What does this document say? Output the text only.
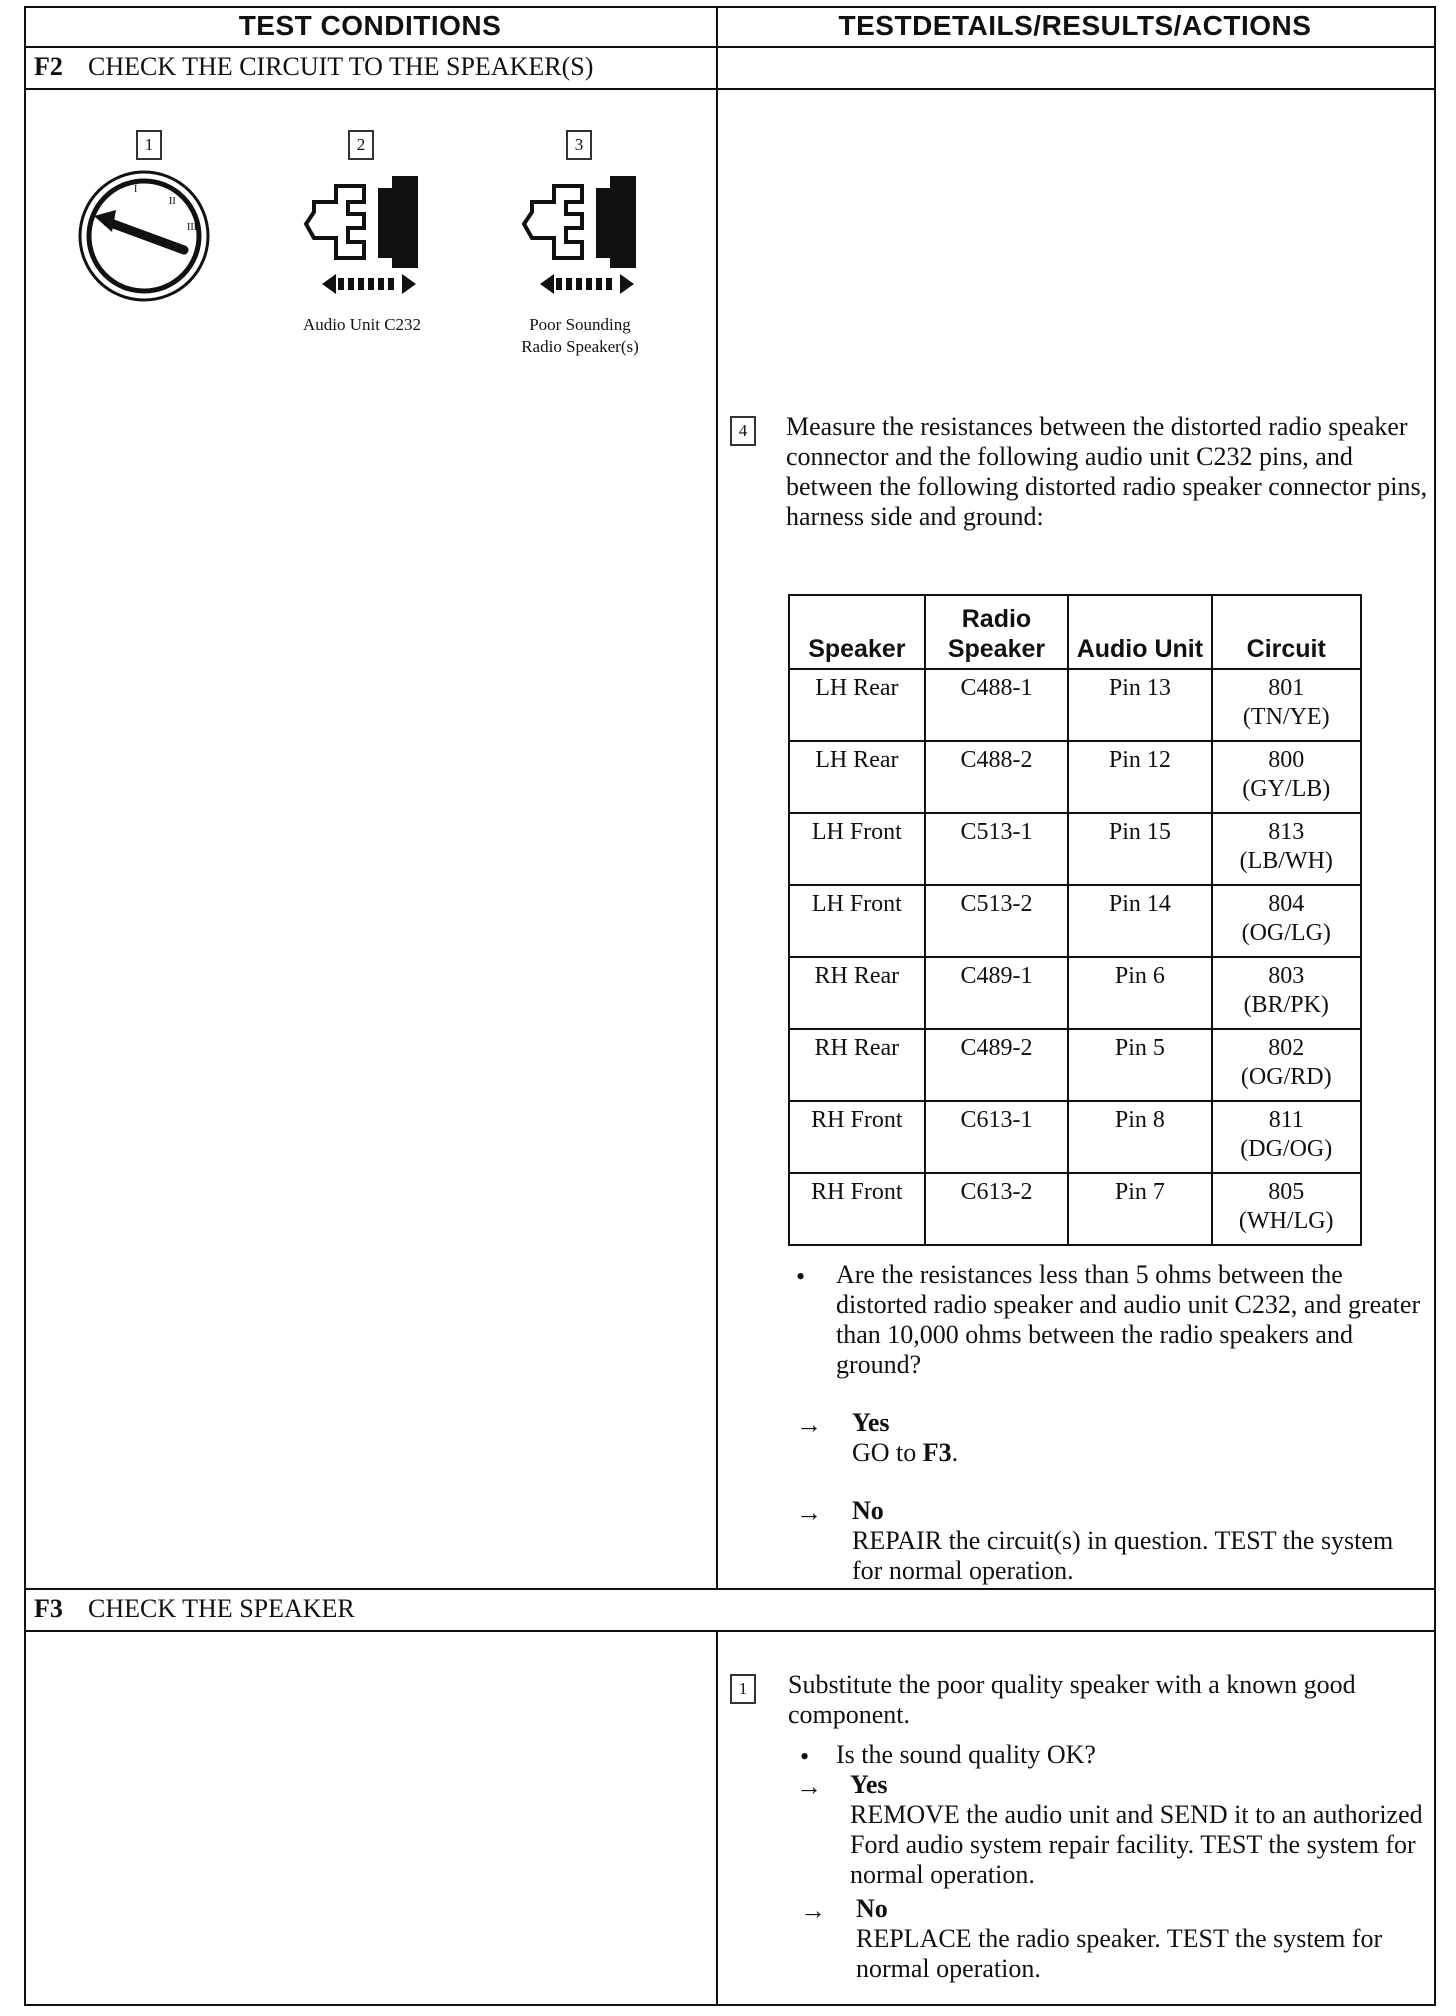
TEST CONDITIONS	TESTDETAILS/RESULTS/ACTIONS
F2 CHECK THE CIRCUIT TO THE SPEAKER(S)
1	2	3
L
I
II
III
Audio Unit C232	Poor Sounding
Radio Speaker(s)
4	Measure the resistances between the distorted radio speaker connector and the following audio unit C232 pins, and between the following distorted radio speaker connector pins, harness side and ground:
Speaker	Radio Speaker	Audio Unit	Circuit
LH Rear	C488-1	Pin 13	801
(TN/YE)

LH Rear	C488-2	Pin 12	800
(GY/LB)

LH Front	C513-1	Pin 15	813
(LB/WH)

LH Front	C513-2	Pin 14	804
(OG/LG)

RH Rear	C489-1	Pin 6	803
(BR/PK)

RH Rear	C489-2	Pin 5	802
(OG/RD)

RH Front	C613-1	Pin 8	811
(DG/OG)

RH Front	C613-2	Pin 7	805
(WH/LG)
• Are the resistances less than 5 ohms between the distorted radio speaker and audio unit C232, and greater than 10,000 ohms between the radio speakers and ground?
→ Yes
GO to F3.
→ No
REPAIR the circuit(s) in question. TEST the system for normal operation.
F3 CHECK THE SPEAKER
1	Substitute the poor quality speaker with a known good component.
• Is the sound quality OK?
→ Yes
REMOVE the audio unit and SEND it to an authorized Ford audio system repair facility. TEST the system for normal operation.
→ No
REPLACE the radio speaker. TEST the system for normal operation.
